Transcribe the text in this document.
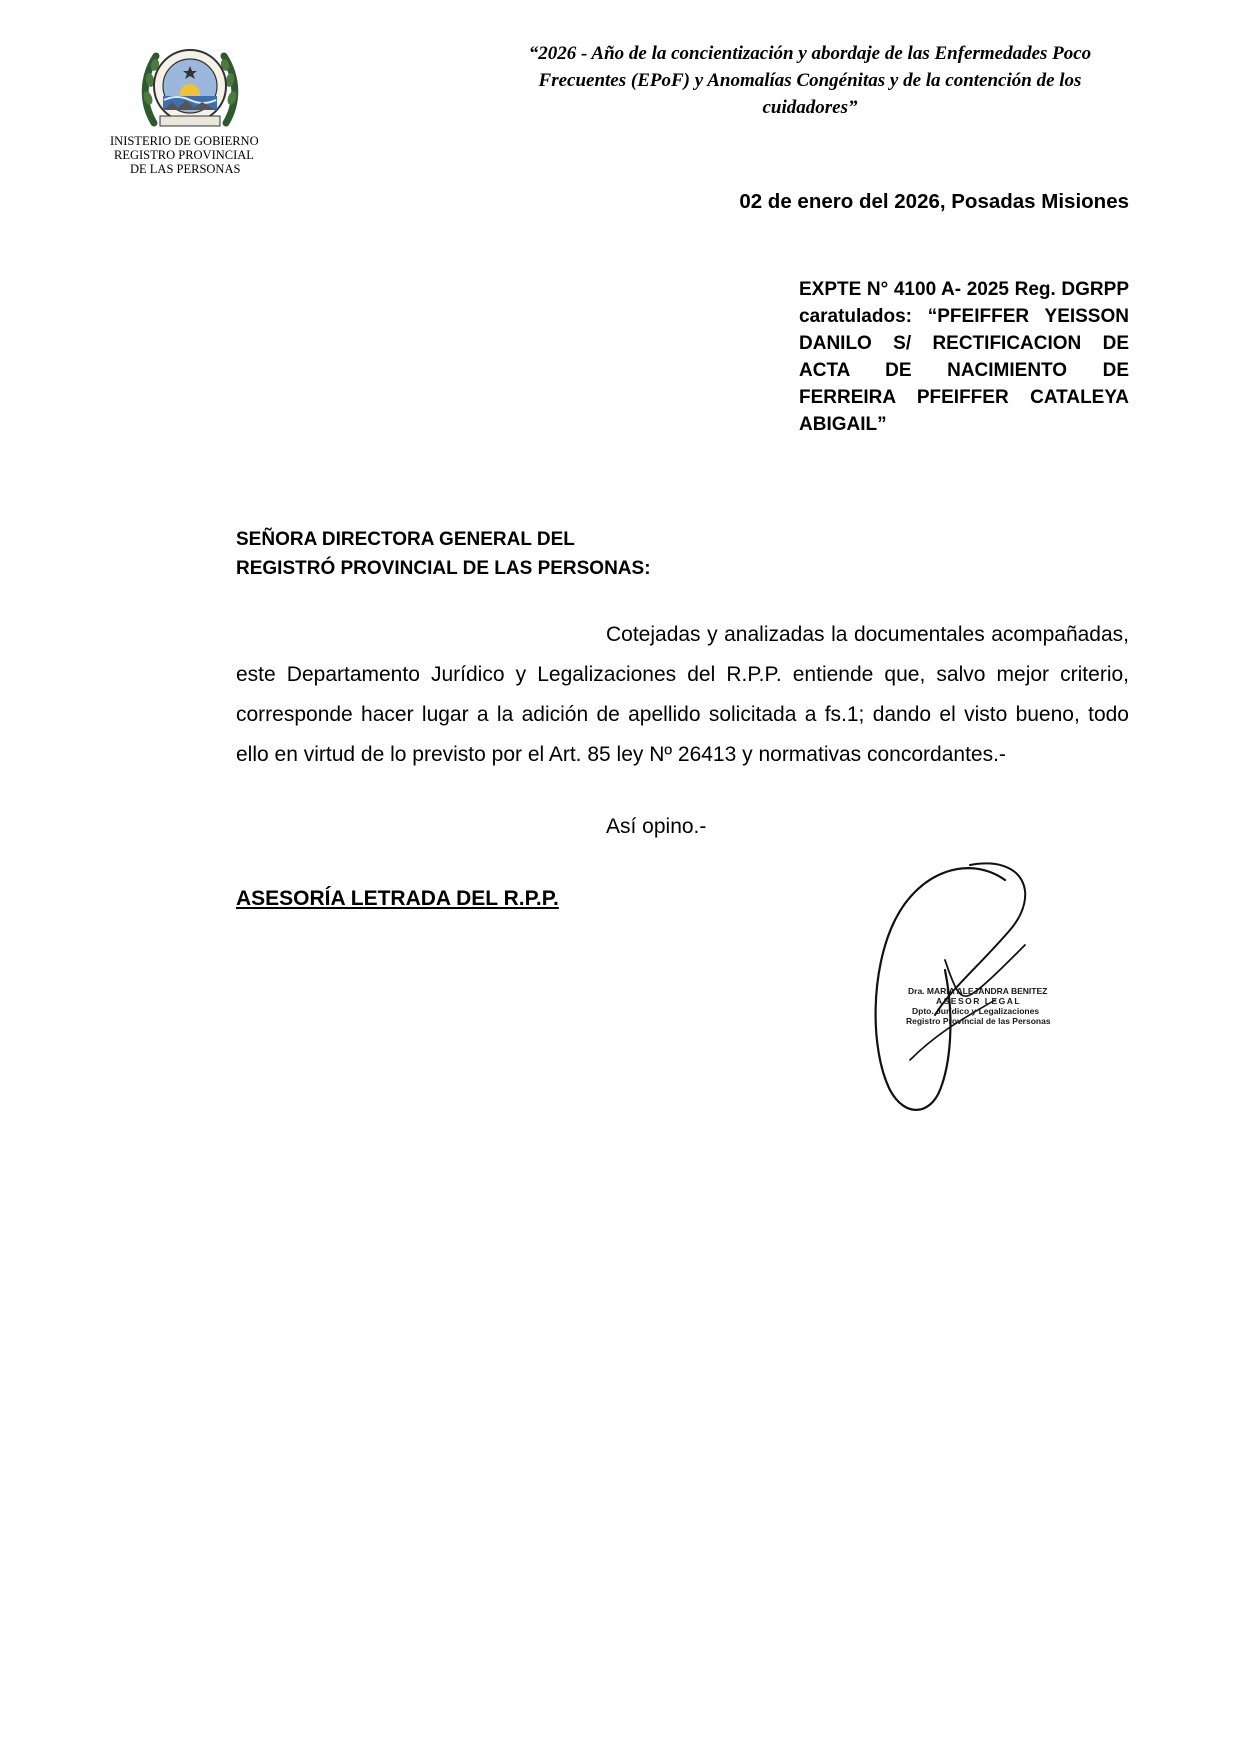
INISTERIO DE GOBIERNO
REGISTRO PROVINCIAL
DE LAS PERSONAS
“2026 - Año de la concientización y abordaje de las Enfermedades Poco
Frecuentes (EPoF) y Anomalías Congénitas y de la contención de los
cuidadores”
02 de enero del 2026, Posadas Misiones
EXPTE N° 4100 A- 2025 Reg. DGRPP caratulados: “PFEIFFER YEISSON DANILO S/ RECTIFICACION DE ACTA DE NACIMIENTO DE FERREIRA PFEIFFER CATALEYA ABIGAIL”
SEÑORA DIRECTORA GENERAL DEL
REGISTRÓ PROVINCIAL DE LAS PERSONAS:
Cotejadas y analizadas la documentales acompañadas, este Departamento Jurídico y Legalizaciones del R.P.P. entiende que, salvo mejor criterio, corresponde hacer lugar a la adición de apellido solicitada a fs.1; dando el visto bueno, todo ello en virtud de lo previsto por el Art. 85 ley Nº 26413 y normativas concordantes.-
Así opino.-
ASESORÍA LETRADA DEL R.P.P.
Dra. MARIA ALEJANDRA BENITEZ
ASESOR LEGAL
Dpto. Jurídico y Legalizaciones
Registro Provincial de las Personas
